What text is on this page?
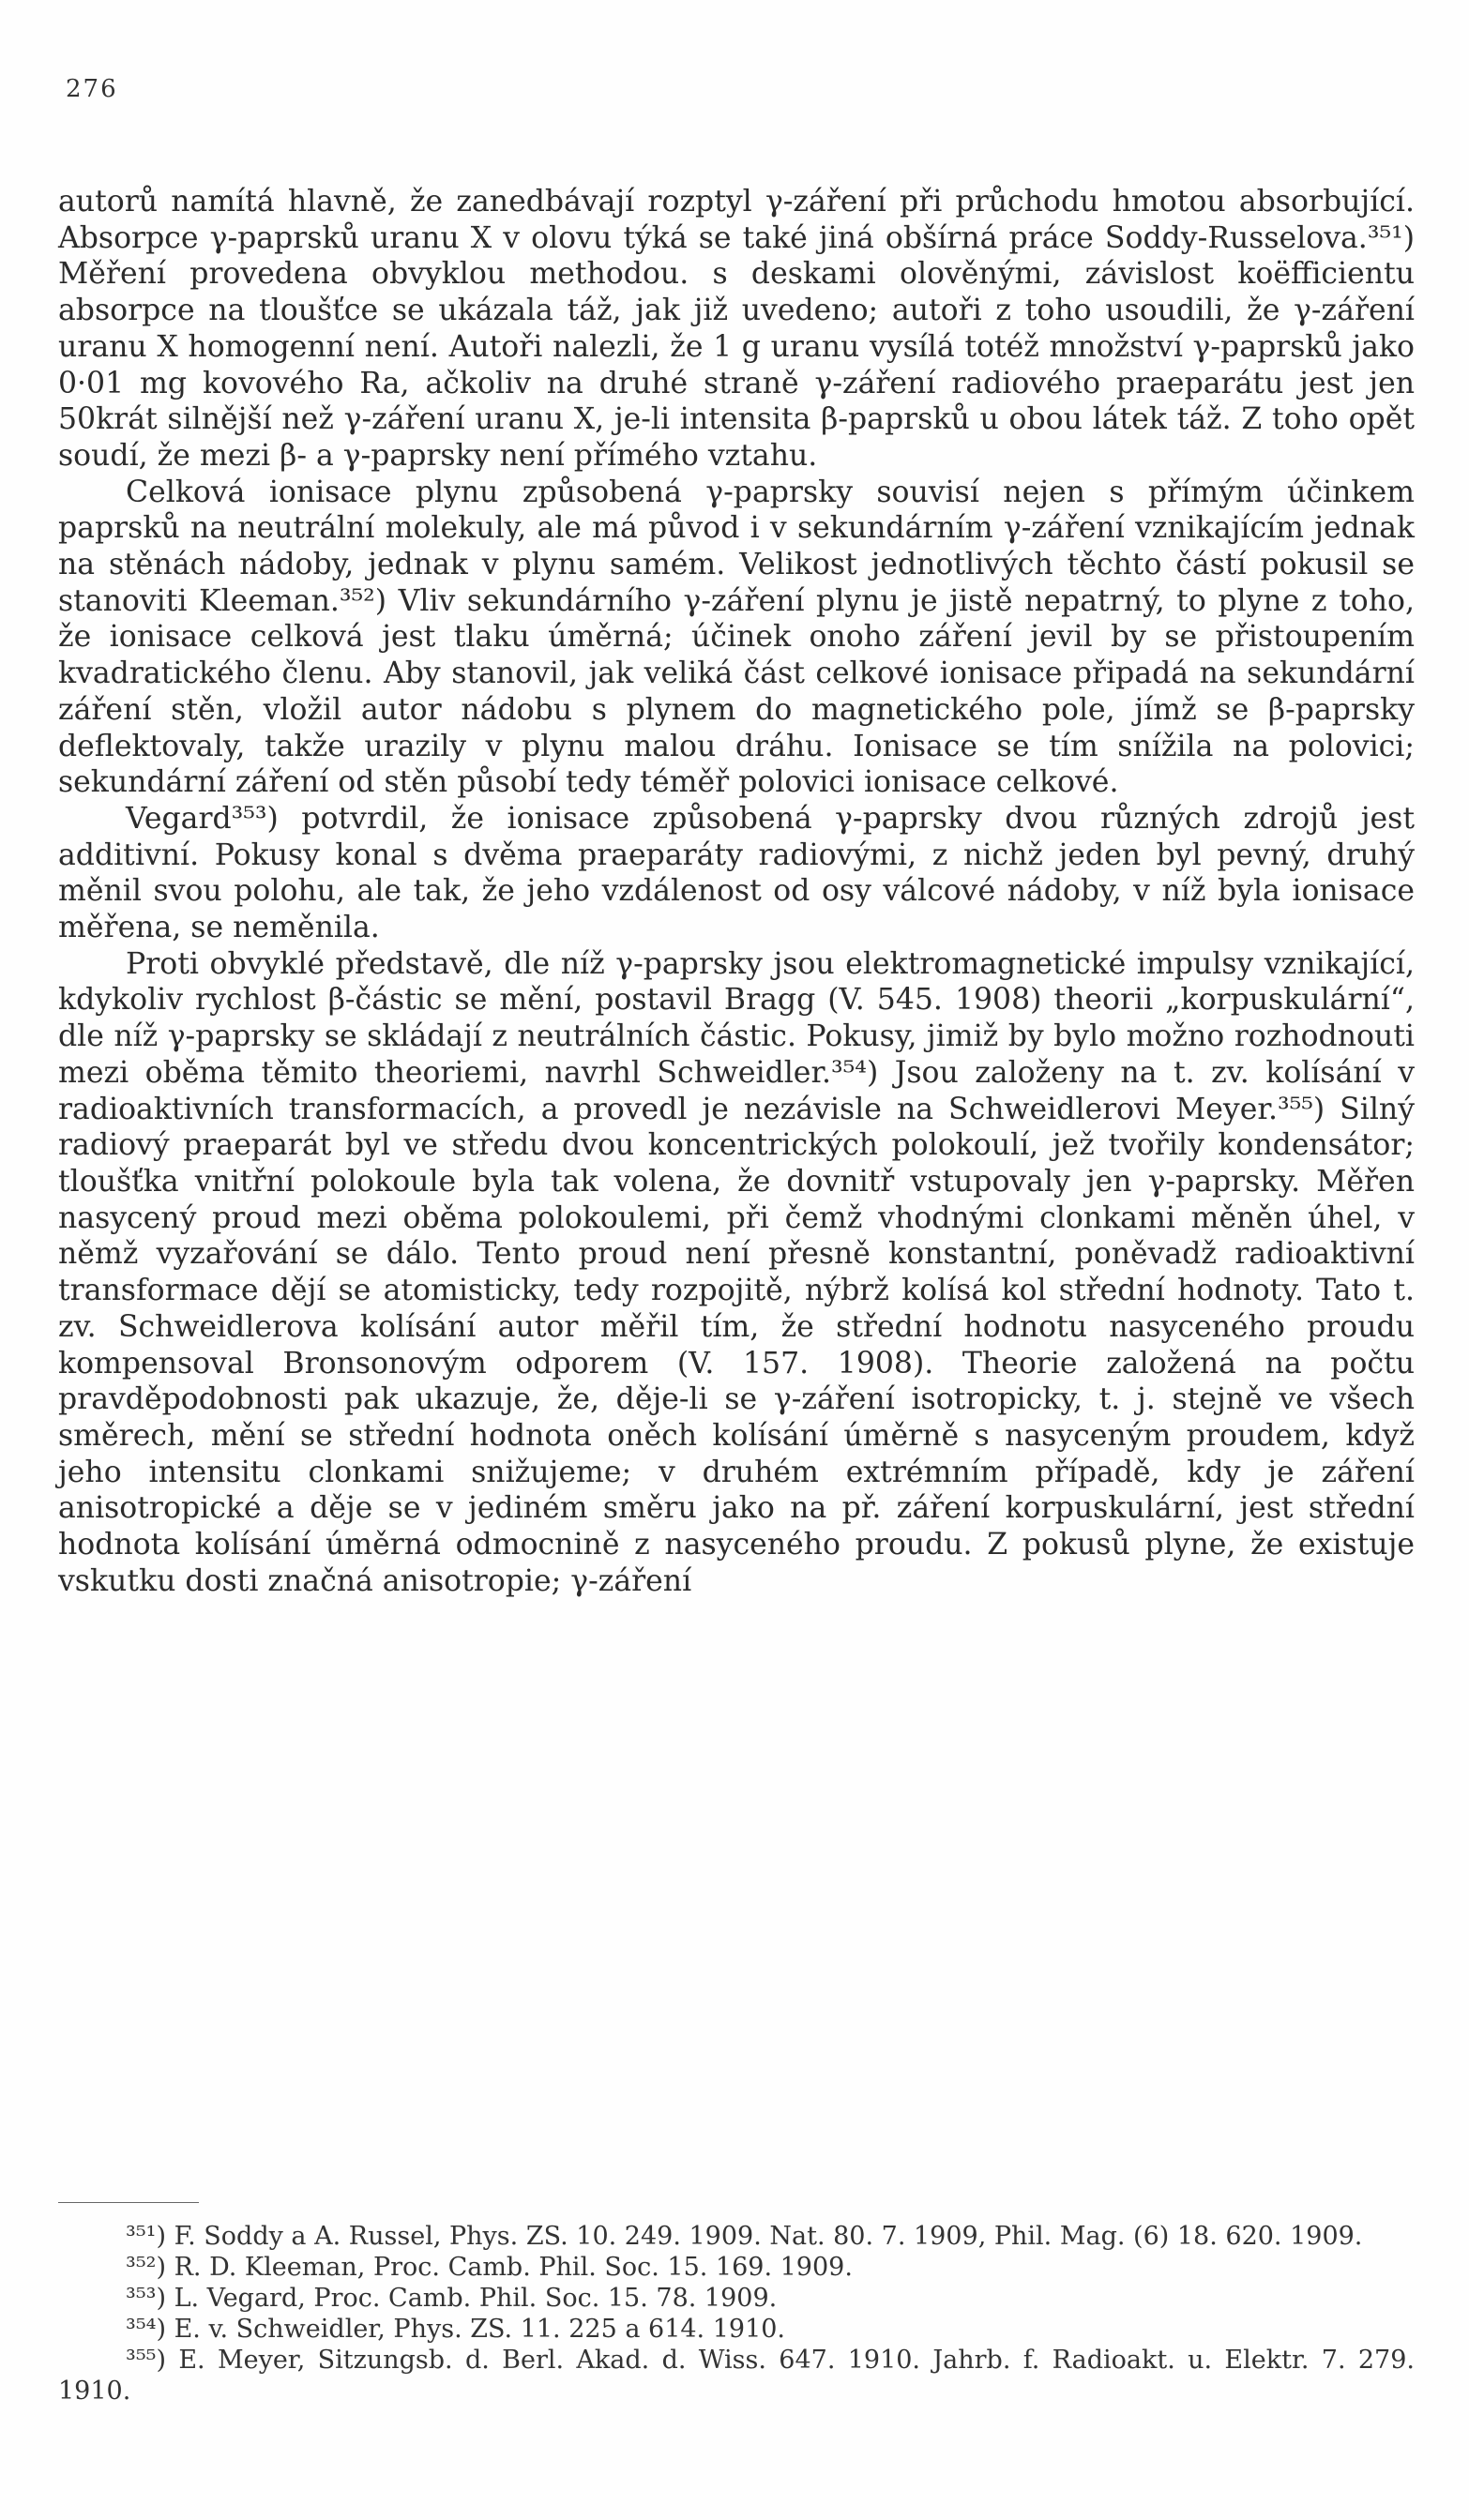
276

autorů namítá hlavně, že zanedbávají rozptyl γ-záření při průchodu hmotou absorbující. Absorpce γ-paprsků uranu X v olovu týká se také jiná obšírná práce Soddy-Russelova.³⁵¹) Měření provedena obvyklou methodou. s deskami olověnými, závislost koëfficientu absorpce na tloušťce se ukázala táž, jak již uvedeno; autoři z toho usoudili, že γ-záření uranu X homogenní není. Autoři nalezli, že 1 g uranu vysílá totéž množství γ-paprsků jako 0·01 mg kovového Ra, ačkoliv na druhé straně γ-záření radiového praeparátu jest jen 50krát silnější než γ-záření uranu X, je-li intensita β-paprsků u obou látek táž. Z toho opět soudí, že mezi β- a γ-paprsky není přímého vztahu.

Celková ionisace plynu způsobená γ-paprsky souvisí nejen s přímým účinkem paprsků na neutrální molekuly, ale má původ i v sekundárním γ-záření vznikajícím jednak na stěnách nádoby, jednak v plynu samém. Velikost jednotlivých těchto částí pokusil se stanoviti Kleeman.³⁵²) Vliv sekundárního γ-záření plynu je jistě nepatrný, to plyne z toho, že ionisace celková jest tlaku úměrná; účinek onoho záření jevil by se přistoupením kvadratického členu. Aby stanovil, jak veliká část celkové ionisace připadá na sekundární záření stěn, vložil autor nádobu s plynem do magnetického pole, jímž se β-paprsky deflektovaly, takže urazily v plynu malou dráhu. Ionisace se tím snížila na polovici; sekundární záření od stěn působí tedy téměř polovici ionisace celkové.

Vegard³⁵³) potvrdil, že ionisace způsobená γ-paprsky dvou různých zdrojů jest additivní. Pokusy konal s dvěma praeparáty radiovými, z nichž jeden byl pevný, druhý měnil svou polohu, ale tak, že jeho vzdálenost od osy válcové nádoby, v níž byla ionisace měřena, se neměnila.

Proti obvyklé představě, dle níž γ-paprsky jsou elektromagnetické impulsy vznikající, kdykoliv rychlost β-částic se mění, postavil Bragg (V. 545. 1908) theorii „korpuskulární“, dle níž γ-paprsky se skládají z neutrálních částic. Pokusy, jimiž by bylo možno rozhodnouti mezi oběma těmito theoriemi, navrhl Schweidler.³⁵⁴) Jsou založeny na t. zv. kolísání v radioaktivních transformacích, a provedl je nezávisle na Schweidlerovi Meyer.³⁵⁵) Silný radiový praeparát byl ve středu dvou koncentrických polokoulí, jež tvořily kondensátor; tloušťka vnitřní polokoule byla tak volena, že dovnitř vstupovaly jen γ-paprsky. Měřen nasycený proud mezi oběma polokoulemi, při čemž vhodnými clonkami měněn úhel, v němž vyzařování se dálo. Tento proud není přesně konstantní, poněvadž radioaktivní transformace dějí se atomisticky, tedy rozpojitě, nýbrž kolísá kol střední hodnoty. Tato t. zv. Schweidlerova kolísání autor měřil tím, že střední hodnotu nasyceného proudu kompensoval Bronsonovým odporem (V. 157. 1908). Theorie založená na počtu pravděpodobnosti pak ukazuje, že, děje-li se γ-záření isotropicky, t. j. stejně ve všech směrech, mění se střední hodnota oněch kolísání úměrně s nasyceným proudem, když jeho intensitu clonkami snižujeme; v druhém extrémním případě, kdy je záření anisotropické a děje se v jediném směru jako na př. záření korpuskulární, jest střední hodnota kolísání úměrná odmocnině z nasyceného proudu. Z pokusů plyne, že existuje vskutku dosti značná anisotropie; γ-záření

³⁵¹) F. Soddy a A. Russel, Phys. ZS. 10. 249. 1909. Nat. 80. 7. 1909, Phil. Mag. (6) 18. 620. 1909.

³⁵²) R. D. Kleeman, Proc. Camb. Phil. Soc. 15. 169. 1909.

³⁵³) L. Vegard, Proc. Camb. Phil. Soc. 15. 78. 1909.

³⁵⁴) E. v. Schweidler, Phys. ZS. 11. 225 a 614. 1910.

³⁵⁵) E. Meyer, Sitzungsb. d. Berl. Akad. d. Wiss. 647. 1910. Jahrb. f. Radioakt. u. Elektr. 7. 279. 1910.
